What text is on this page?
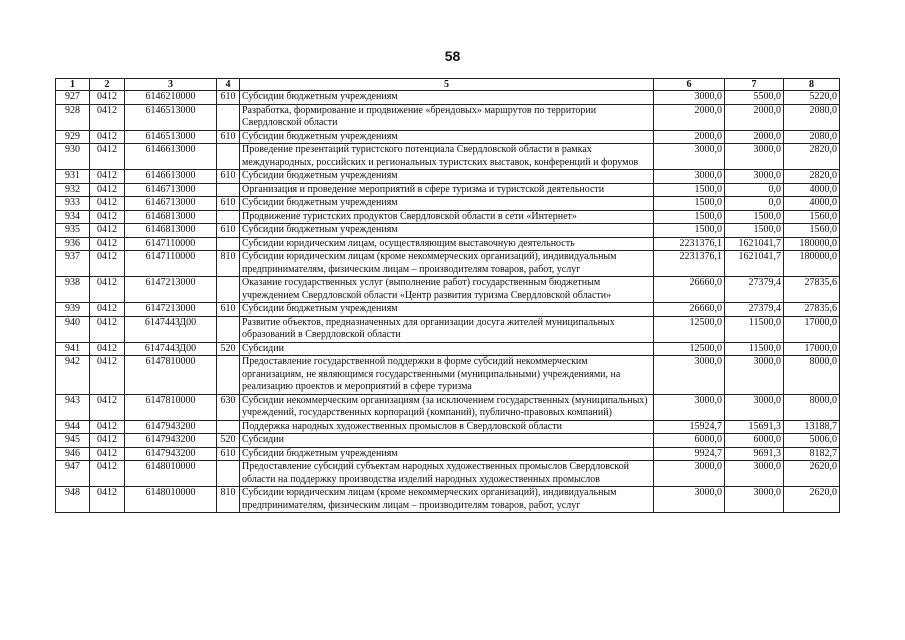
58
1	2	3	4	5	6	7	8
927	0412	6146210000	610	Субсидии бюджетным учреждениям	3000,0	5500,0	5220,0
928	0412	6146513000		Разработка, формирование и продвижение «брендовых» маршрутов по территории Свердловской области	2000,0	2000,0	2080,0
929	0412	6146513000	610	Субсидии бюджетным учреждениям	2000,0	2000,0	2080,0
930	0412	6146613000		Проведение презентаций туристского потенциала Свердловской области в рамках международных, российских и региональных туристских выставок, конференций и форумов	3000,0	3000,0	2820,0
931	0412	6146613000	610	Субсидии бюджетным учреждениям	3000,0	3000,0	2820,0
932	0412	6146713000		Организация и проведение мероприятий в сфере туризма и туристской деятельности	1500,0	0,0	4000,0
933	0412	6146713000	610	Субсидии бюджетным учреждениям	1500,0	0,0	4000,0
934	0412	6146813000		Продвижение туристских продуктов Свердловской области в сети «Интернет»	1500,0	1500,0	1560,0
935	0412	6146813000	610	Субсидии бюджетным учреждениям	1500,0	1500,0	1560,0
936	0412	6147110000		Субсидии юридическим лицам, осуществляющим выставочную деятельность	2231376,1	1621041,7	180000,0
937	0412	6147110000	810	Субсидии юридическим лицам (кроме некоммерческих организаций), индивидуальным предпринимателям, физическим лицам – производителям товаров, работ, услуг	2231376,1	1621041,7	180000,0
938	0412	6147213000		Оказание государственных услуг (выполнение работ) государственным бюджетным учреждением Свердловской области «Центр развития туризма Свердловской области»	26660,0	27379,4	27835,6
939	0412	6147213000	610	Субсидии бюджетным учреждениям	26660,0	27379,4	27835,6
940	0412	614744ЗД00		Развитие объектов, предназначенных для организации досуга жителей муниципальных образований в Свердловской области	12500,0	11500,0	17000,0
941	0412	614744ЗД00	520	Субсидии	12500,0	11500,0	17000,0
942	0412	6147810000		Предоставление государственной поддержки в форме субсидий некоммерческим организациям, не являющимся государственными (муниципальными) учреждениями, на реализацию проектов и мероприятий в сфере туризма	3000,0	3000,0	8000,0
943	0412	6147810000	630	Субсидии некоммерческим организациям (за исключением государственных (муниципальных) учреждений, государственных корпораций (компаний), публично-правовых компаний)	3000,0	3000,0	8000,0
944	0412	6147943200		Поддержка народных художественных промыслов в Свердловской области	15924,7	15691,3	13188,7
945	0412	6147943200	520	Субсидии	6000,0	6000,0	5006,0
946	0412	6147943200	610	Субсидии бюджетным учреждениям	9924,7	9691,3	8182,7
947	0412	6148010000		Предоставление субсидий субъектам народных художественных промыслов Свердловской области на поддержку производства изделий народных художественных промыслов	3000,0	3000,0	2620,0
948	0412	6148010000	810	Субсидии юридическим лицам (кроме некоммерческих организаций), индивидуальным предпринимателям, физическим лицам – производителям товаров, работ, услуг	3000,0	3000,0	2620,0
